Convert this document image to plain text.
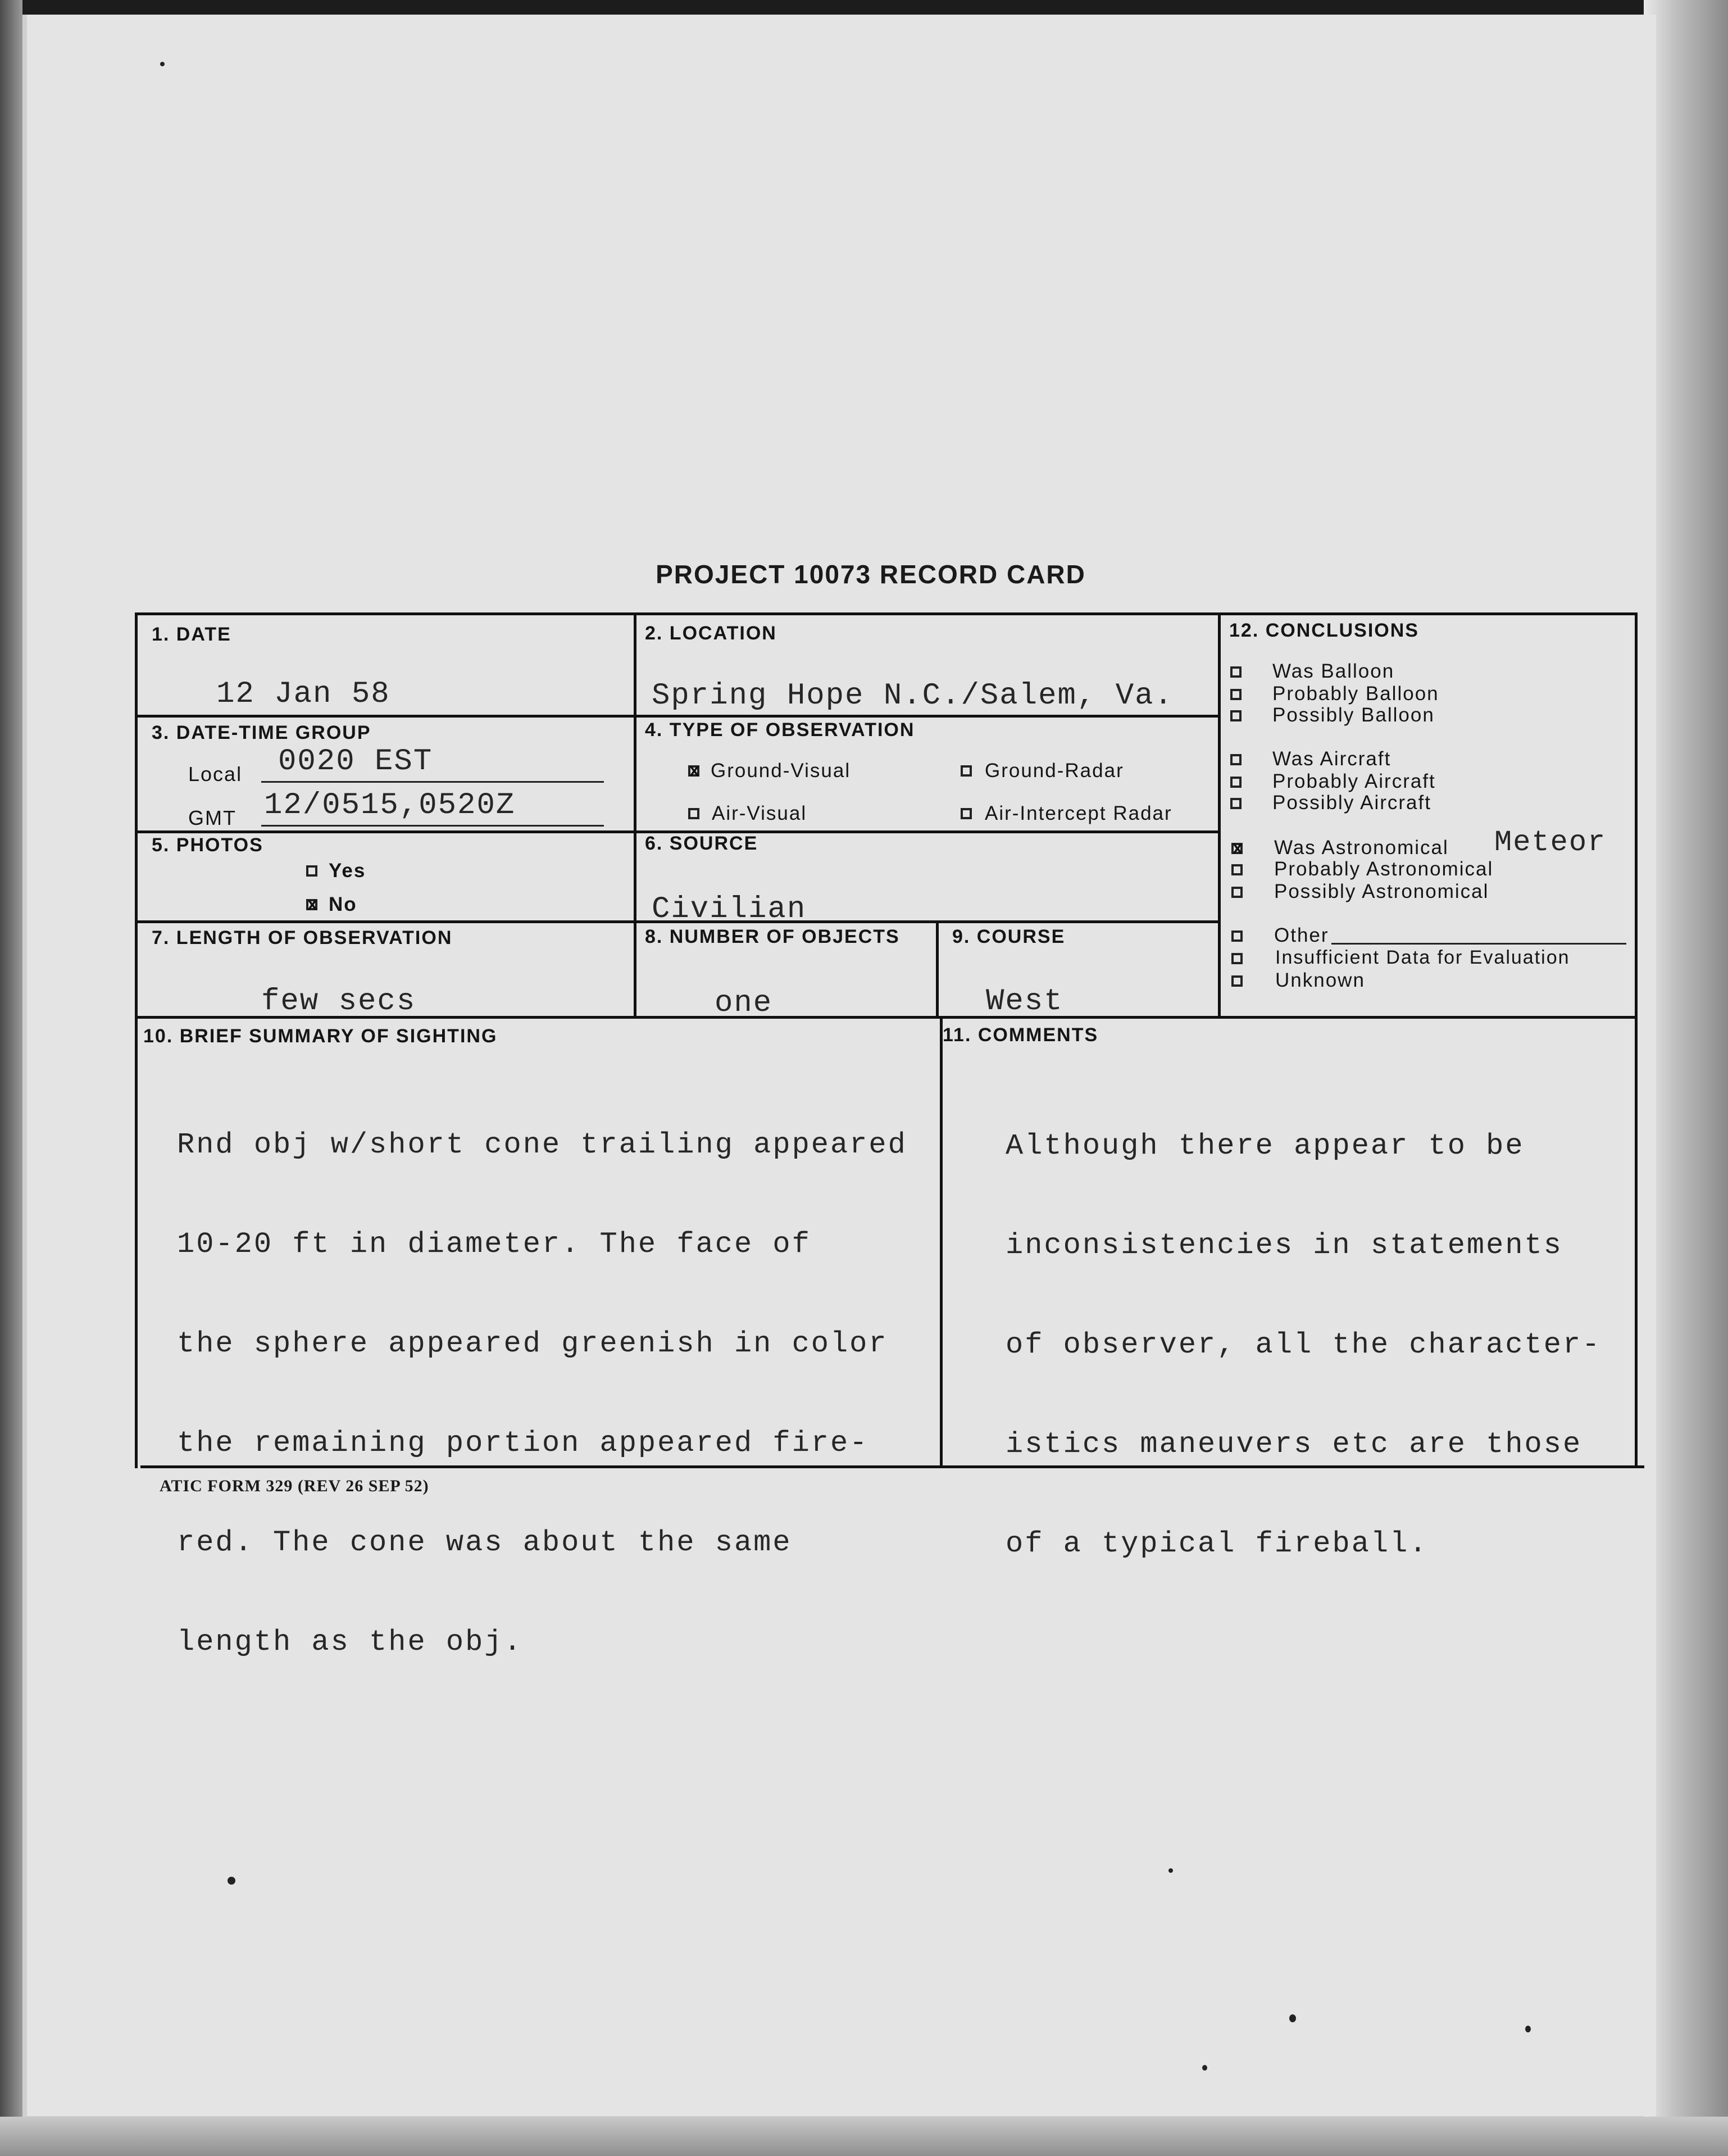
PROJECT 10073 RECORD CARD
1. DATE
12 Jan 58
2. LOCATION
Spring Hope N.C./Salem, Va.
3. DATE-TIME GROUP
Local 0020 EST
GMT 12/0515,0520Z
4. TYPE OF OBSERVATION
x
Ground-Visual	Ground-Radar
Air-Visual	Air-Intercept Radar
5. PHOTOS
Yes
x
No
6. SOURCE
Civilian
7. LENGTH OF OBSERVATION
few secs
8. NUMBER OF OBJECTS
one
9. COURSE
West
12. CONCLUSIONS
Was Balloon
Probably Balloon
Possibly Balloon
Was Aircraft
Probably Aircraft
Possibly Aircraft
x
Was Astronomical Meteor
Probably Astronomical
Possibly Astronomical
Other
Insufficient Data for Evaluation
Unknown
10. BRIEF SUMMARY OF SIGHTING

Rnd obj w/short cone trailing appeared

10-20 ft in diameter. The face of

the sphere appeared greenish in color

the remaining portion appeared fire-

red. The cone was about the same

length as the obj.

11. COMMENTS

Although there appear to be

inconsistencies in statements

of observer, all the character-

istics maneuvers etc are those

of a typical fireball.

ATIC FORM 329 (REV 26 SEP 52)
